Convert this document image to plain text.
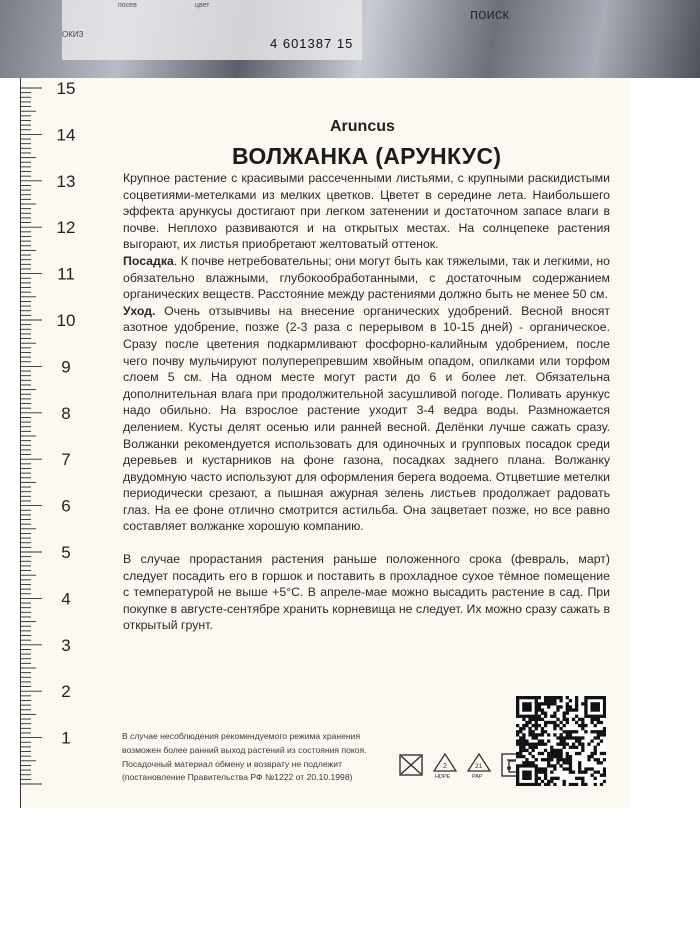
посев	цвет
ОКИЗ
4 601387 15
поиск
15
14
13
12
11
10
9
8
7
6
5
4
3
2
1
Aruncus
ВОЛЖАНКА (АРУНКУС)

Крупное растение с красивыми рассеченными листьями, с крупными раскидистыми соцветиями-метелками из мелких цветков. Цветет в середине лета. Наибольшего эффекта арункусы достигают при легком затенении и достаточном запасе влаги в почве. Неплохо развиваются и на открытых местах. На солнцепеке растения выгорают, их листья приобретают желтоватый оттенок.

Посадка. К почве нетребовательны; они могут быть как тяжелыми, так и легкими, но обязательно влажными, глубокообработанными, с достаточным содержанием органических веществ. Расстояние между растениями должно быть не менее 50 см.

Уход. Очень отзывчивы на внесение органических удобрений. Весной вносят азотное удобрение, позже (2-3 раза с перерывом в 10-15 дней) - органическое. Сразу после цветения подкармливают фосфорно-калийным удобрением, после чего почву мульчируют полуперепревшим хвойным опадом, опилками или торфом слоем 5 см. На одном месте могут расти до 6 и более лет. Обязательна дополнительная влага при продолжительной засушливой погоде. Поливать арункус надо обильно. На взрослое растение уходит 3-4 ведра воды. Размножается делением. Кусты делят осенью или ранней весной. Делёнки лучше сажать сразу. Волжанки рекомендуется использовать для одиночных и групповых посадок среди деревьев и кустарников на фоне газона, посадках заднего плана. Волжанку двудомную часто используют для оформления берега водоема. Отцветшие метелки периодически срезают, а пышная ажурная зелень листьев продолжает радовать глаз. На ее фоне отлично смотрится астильба. Она зацветает позже, но все равно составляет волжанке хорошую компанию.

В случае прорастания растения раньше положенного срока (февраль, март) следует посадить его в горшок и поставить в прохладное сухое тёмное помещение с температурой не выше +5°С. В апреле-мае можно высадить растение в сад. При покупке в августе-сентябре хранить корневища не следует. Их можно сразу сажать в открытый грунт.

В случае несоблюдения рекомендуемого режима хранения
возможен более ранний выход растений из состояния покоя.
Посадочный материал обмену и возврату не подлежит
(постановление Правительства РФ №1222 от 20.10.1998)
2
HDPE
21
PAP
